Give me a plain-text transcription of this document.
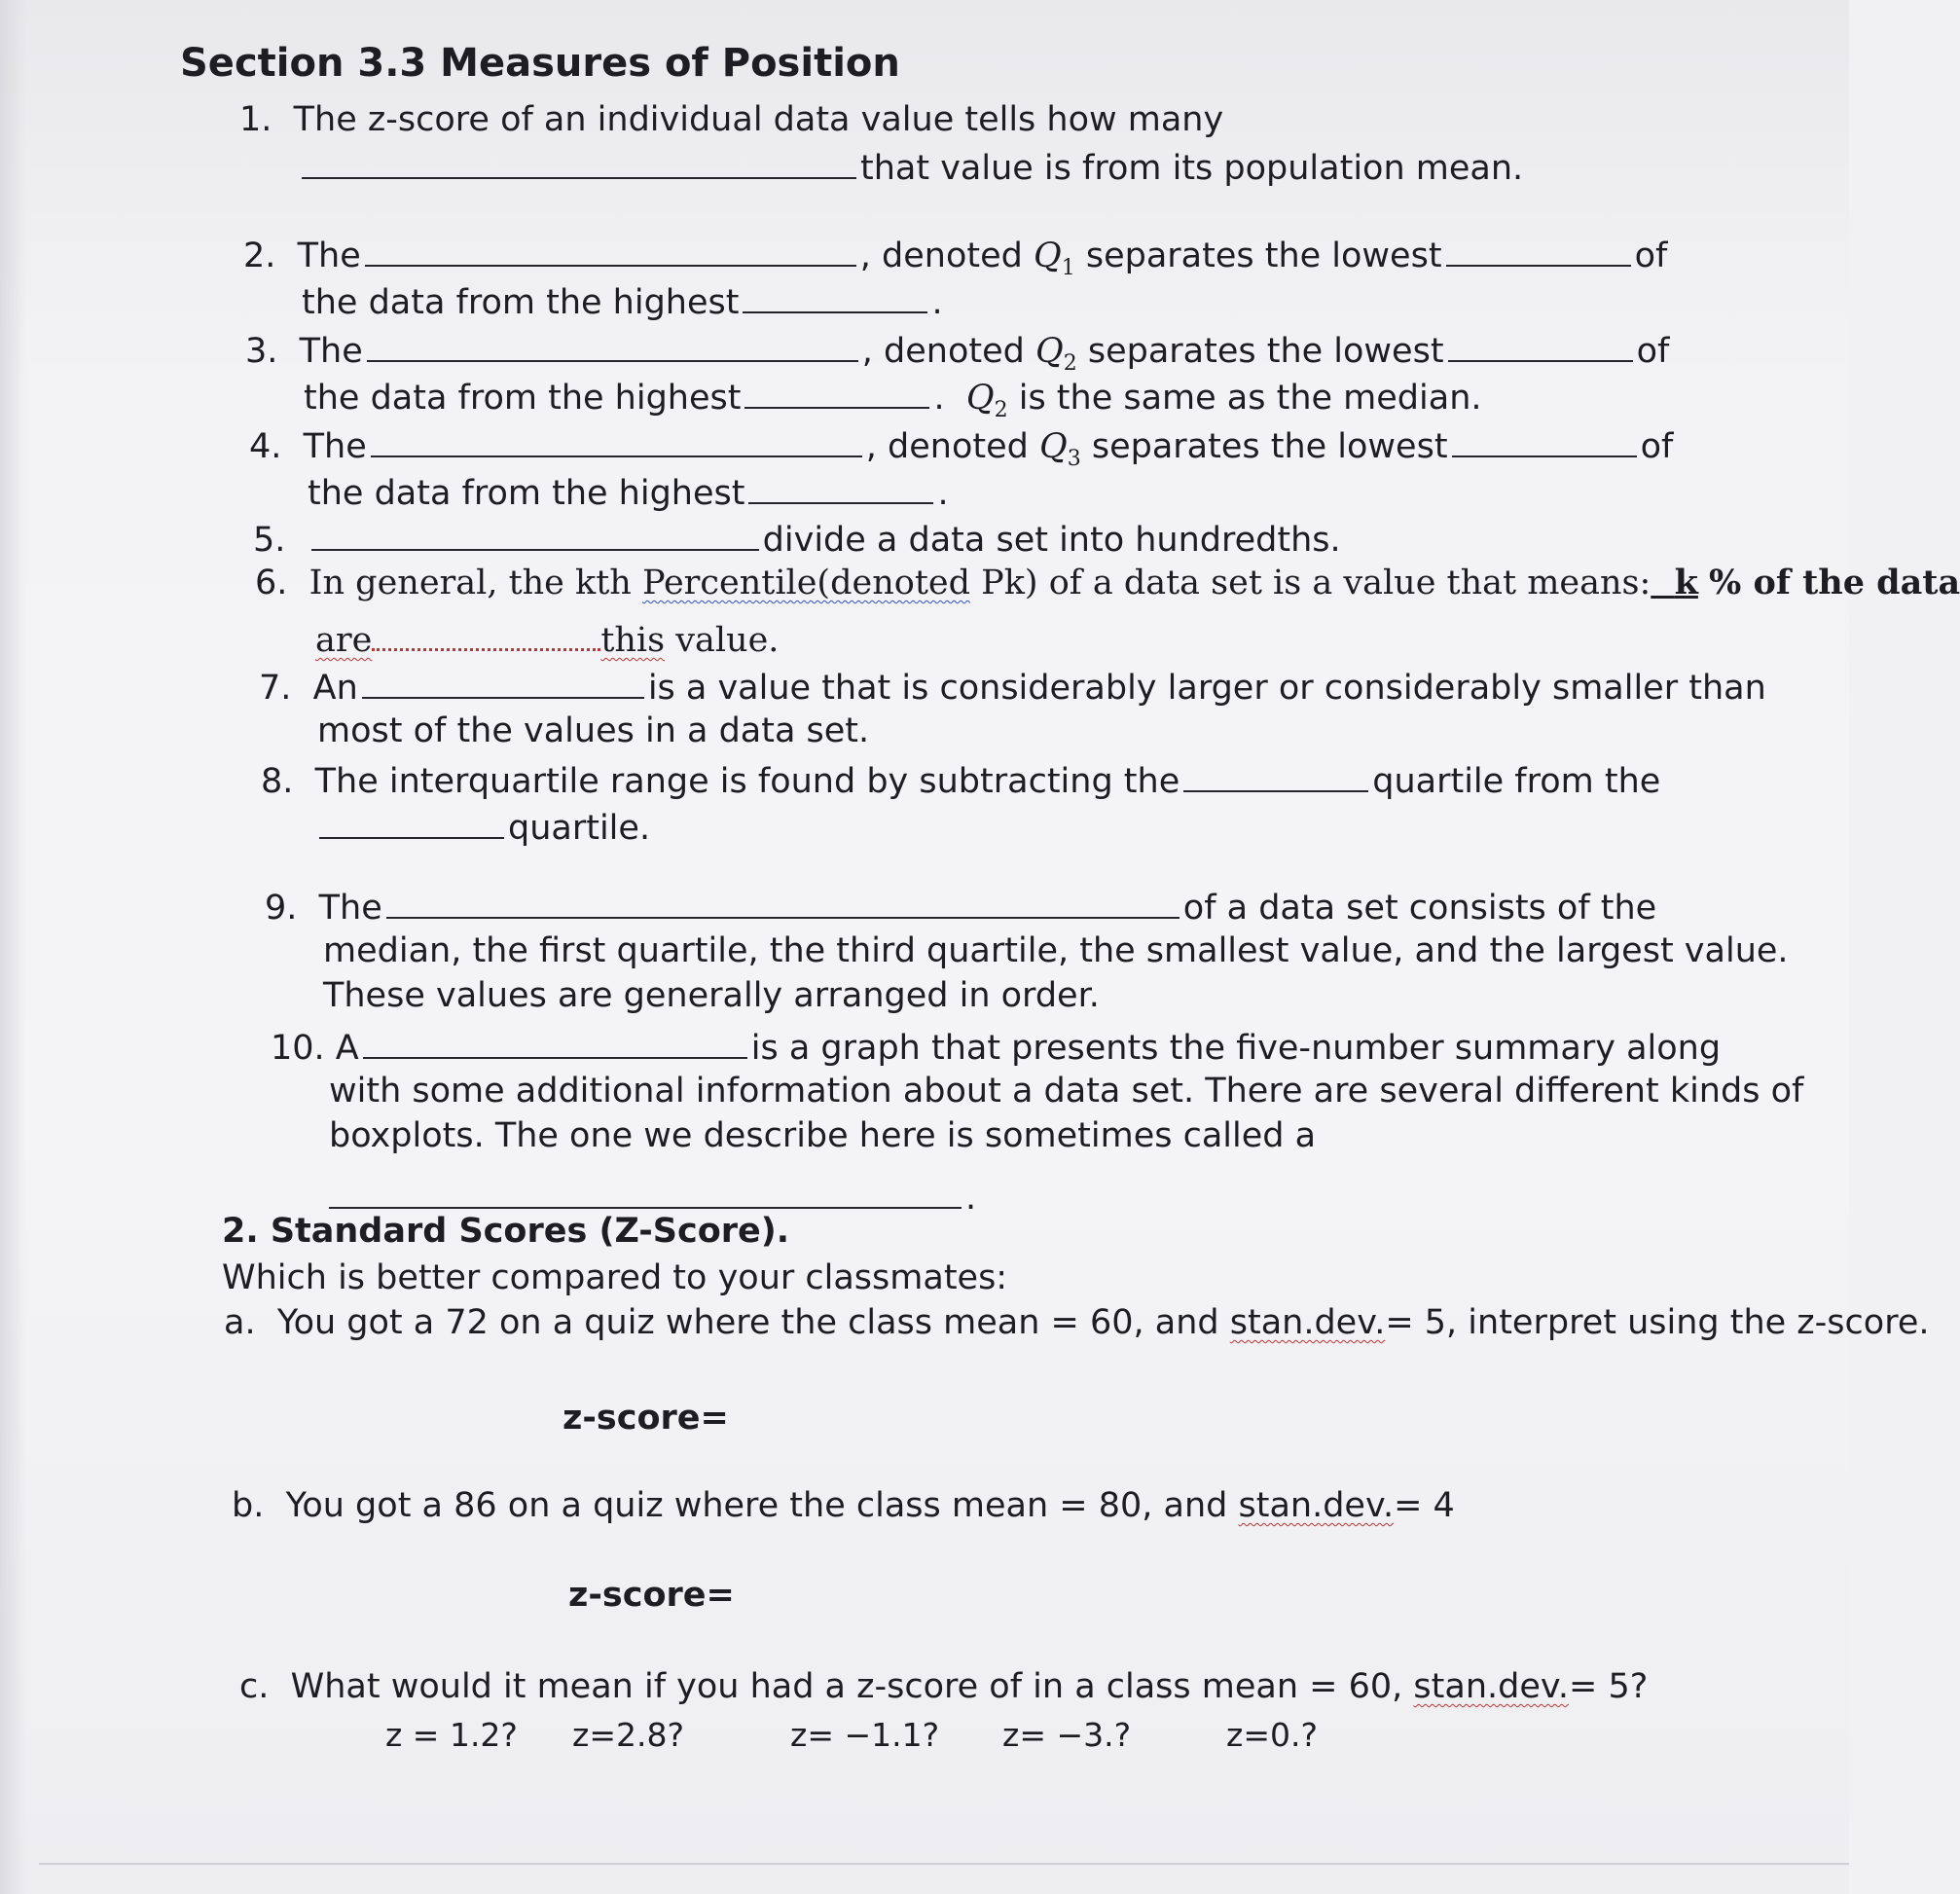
Section 3.3 Measures of Position
1. The z-score of an individual data value tells how many
that value is from its population mean.
2. The	, denoted $Q_1$ separates the lowest	of
the data from the highest	.
3. The	, denoted $Q_2$ separates the lowest	of
the data from the highest	. $Q_2$ is the same as the median.
4. The	, denoted $Q_3$ separates the lowest	of
the data from the highest	.
5.	divide a data set into hundredths.
6. In general, the kth Percentile(denoted Pk) of a data set is a value that means: k % of the data
are	this value.
7. An	is a value that is considerably larger or considerably smaller than
most of the values in a data set.
8. The interquartile range is found by subtracting the	quartile from the
quartile.
9. The	of a data set consists of the
median, the first quartile, the third quartile, the smallest value, and the largest value.
These values are generally arranged in order.
10. A	is a graph that presents the five-number summary along
with some additional information about a data set. There are several different kinds of
boxplots. The one we describe here is sometimes called a
.
2. Standard Scores (Z-Score).
Which is better compared to your classmates:
a. You got a 72 on a quiz where the class mean = 60, and stan.dev.= 5, interpret using the z-score.
z-score=
b. You got a 86 on a quiz where the class mean = 80, and stan.dev.= 4
z-score=
c. What would it mean if you had a z-score of in a class mean = 60, stan.dev.= 5?
z = 1.2? z=2.8?	z= −1.1? z= −3.?	z=0.?
